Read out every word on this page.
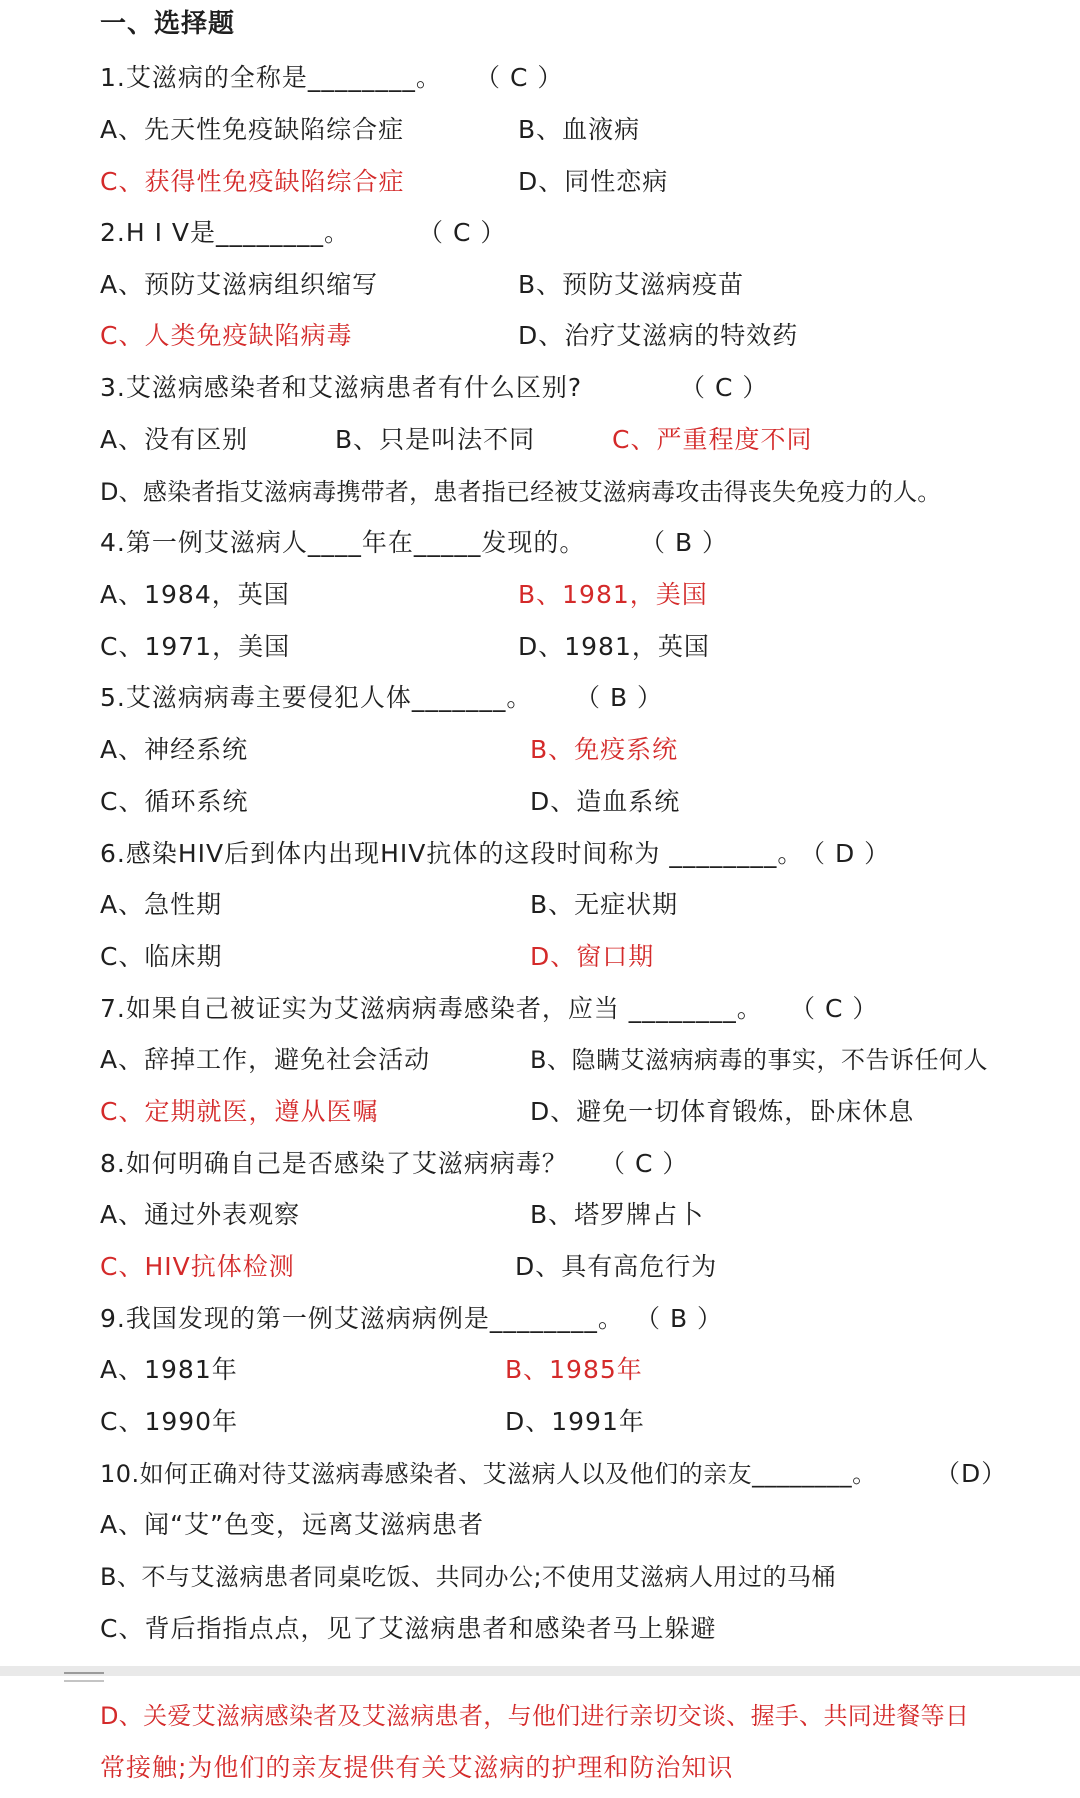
一、选择题
1.艾滋病的全称是________。 （ C ）
A、先天性免疫缺陷综合症	B、血液病
C、获得性免疫缺陷综合症	D、同性恋病
2.H I V是________。	（ C ）
A、预防艾滋病组织缩写	B、预防艾滋病疫苗
C、人类免疫缺陷病毒	D、治疗艾滋病的特效药
3.艾滋病感染者和艾滋病患者有什么区别?	（ C ）
A、没有区别	B、只是叫法不同	C、严重程度不同
D、感染者指艾滋病毒携带者，患者指已经被艾滋病毒攻击得丧失免疫力的人。
4.第一例艾滋病人____年在_____发现的。 （ B ）
A、1984，英国	B、1981，美国
C、1971，美国	D、1981，英国
5.艾滋病病毒主要侵犯人体_______。 （ B ）
A、神经系统	B、免疫系统
C、循环系统	D、造血系统
6.感染HIV后到体内出现HIV抗体的这段时间称为 ________。
（ D ）
A、急性期	B、无症状期
C、临床期	D、窗口期
7.如果自己被证实为艾滋病病毒感染者，应当 ________。 （ C ）
A、辞掉工作，避免社会活动	B、隐瞒艾滋病病毒的事实，不告诉任何人
C、定期就医，遵从医嘱	D、避免一切体育锻炼，卧床休息
8.如何明确自己是否感染了艾滋病病毒？ （ C ）
A、通过外表观察	B、塔罗牌占卜
C、HIV抗体检测	D、具有高危行为
9.我国发现的第一例艾滋病病例是________。 （ B ）
A、1981年	B、1985年
C、1990年	D、1991年
10.如何正确对待艾滋病毒感染者、艾滋病人以及他们的亲友________。 （D）
A、闻“艾”色变，远离艾滋病患者
B、不与艾滋病患者同桌吃饭、共同办公;不使用艾滋病人用过的马桶
C、背后指指点点，见了艾滋病患者和感染者马上躲避
D、关爱艾滋病感染者及艾滋病患者，与他们进行亲切交谈、握手、共同进餐等日
常接触;为他们的亲友提供有关艾滋病的护理和防治知识
